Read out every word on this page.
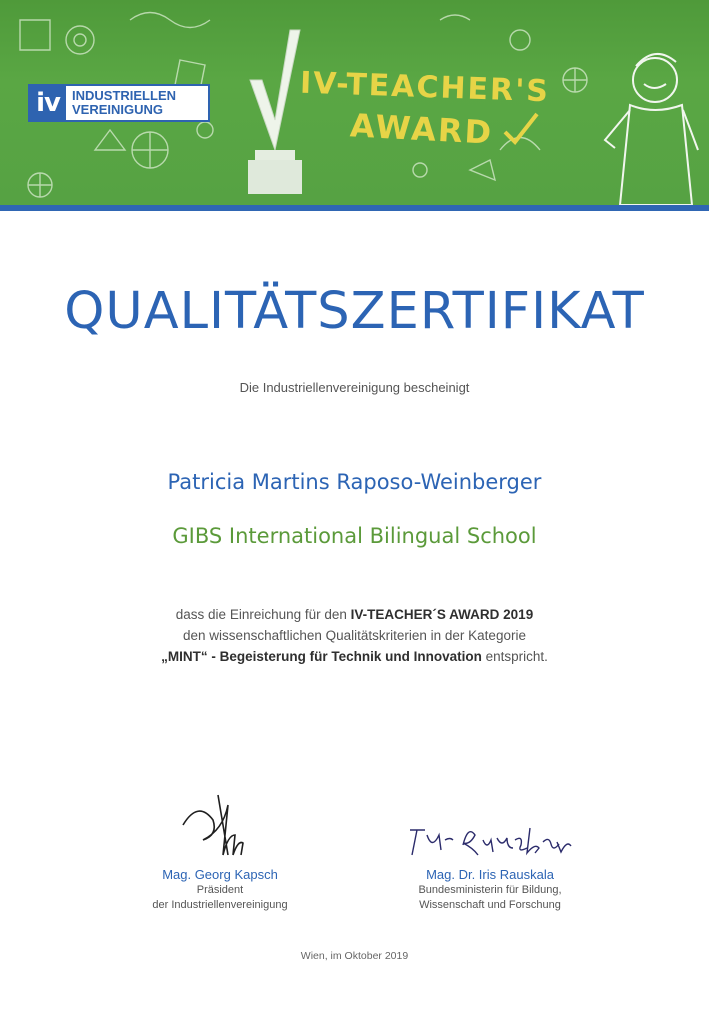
iv INDUSTRIELLEN
VEREINIGUNG
IV-TEACHER'S
AWARD
QUALITÄTSZERTIFIKAT
Die Industriellenvereinigung bescheinigt
Patricia Martins Raposo-Weinberger
GIBS International Bilingual School
dass die Einreichung für den IV-TEACHER´S AWARD 2019
den wissenschaftlichen Qualitätskriterien in der Kategorie
„MINT“ - Begeisterung für Technik und Innovation entspricht.
Mag. Georg Kapsch
Präsident
der Industriellenvereinigung
Mag. Dr. Iris Rauskala
Bundesministerin für Bildung,
Wissenschaft und Forschung
Wien, im Oktober 2019
